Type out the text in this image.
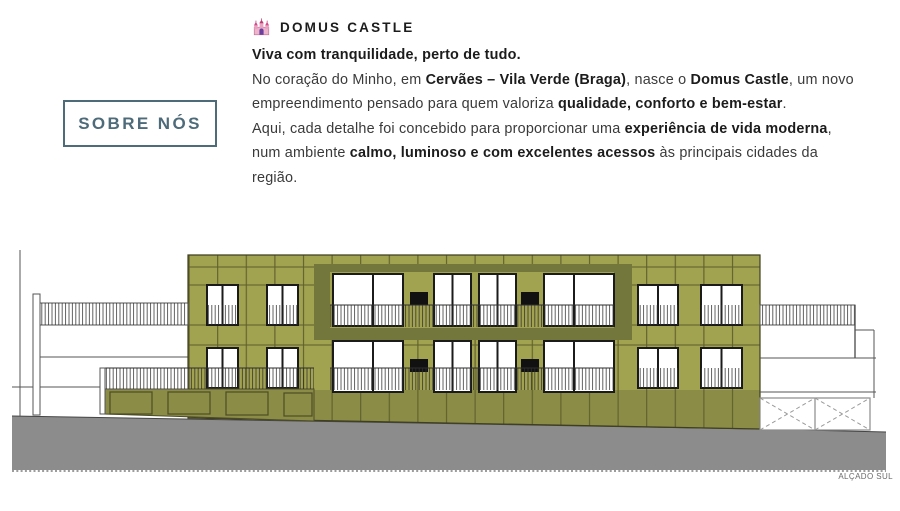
SOBRE NÓS
DOMUS CASTLE

Viva com tranquilidade, perto de tudo.

No coração do Minho, em Cervães – Vila Verde (Braga), nasce o Domus Castle, um novo empreendimento pensado para quem valoriza qualidade, conforto e bem-estar.

Aqui, cada detalhe foi concebido para proporcionar uma experiência de vida moderna, num ambiente calmo, luminoso e com excelentes acessos às principais cidades da região.

ALÇADO SUL
